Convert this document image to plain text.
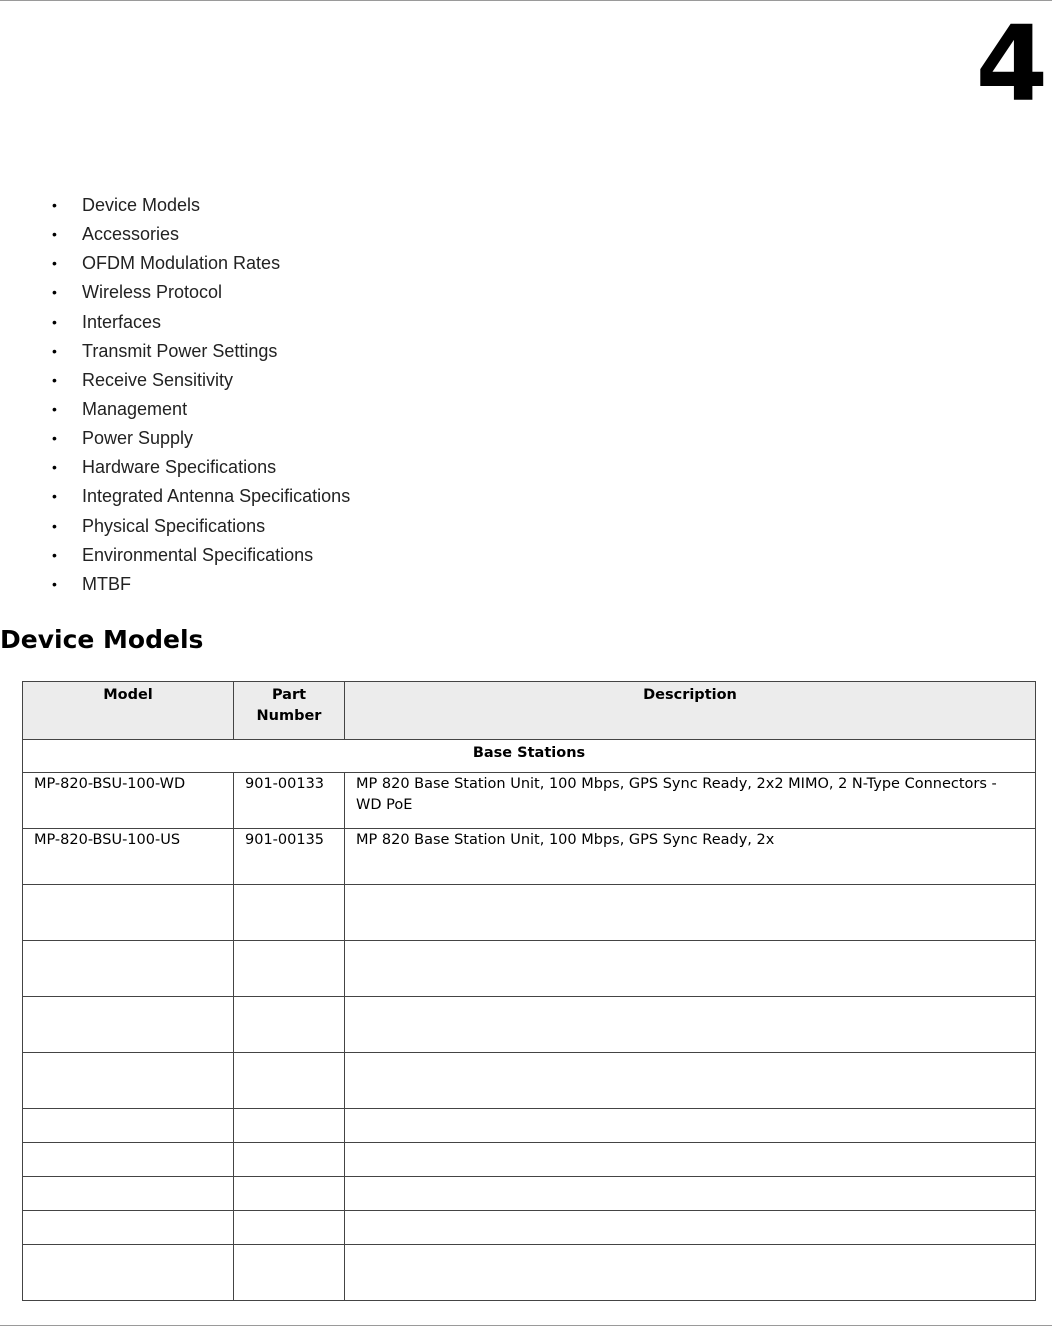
4
•	Device Models
•	Accessories
•	OFDM Modulation Rates
•	Wireless Protocol
•	Interfaces
•	Transmit Power Settings
•	Receive Sensitivity
•	Management
•	Power Supply
•	Hardware Specifications
•	Integrated Antenna Specifications
•	Physical Specifications
•	Environmental Specifications
•	MTBF
Device Models
Model	Part Number	Description
Base Stations		
MP-820-BSU-100-WD	901-00133	MP 820 Base Station Unit, 100 Mbps, GPS Sync Ready, 2x2 MIMO, 2 N-Type Connectors - WD PoE
MP-820-BSU-100-US	901-00135	MP 820 Base Station Unit, 100 Mbps, GPS Sync Ready, 2x
